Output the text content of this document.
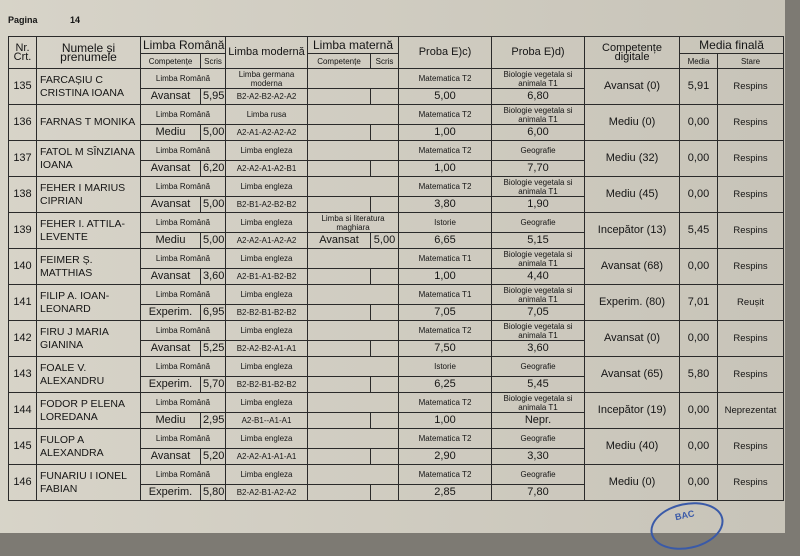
Pagina	14
Nr. Crt.	Numele și prenumele	Limba Română		Limba modernă	Limba maternă		Proba E)c)	Proba E)d)	Competențe digitale	Media finală	
		Competențe	Scris		Competențe	Scris				Media	Stare
135	FARCAȘIU C CRISTINA IOANA	Limba Română		Limba germana moderna			Matematica T2	Biologie vegetala si animala T1	Avansat (0)	5,91	Respins
		Avansat	5,95	B2-A2-B2-A2-A2			5,00	6,80			
136	FARNAS T MONIKA	Limba Română		Limba rusa			Matematica T2	Biologie vegetala si animala T1	Mediu (0)	0,00	Respins
		Mediu	5,00	A2-A1-A2-A2-A2			1,00	6,00			
137	FATOL M SÎNZIANA IOANA	Limba Română		Limba engleza			Matematica T2	Geografie	Mediu (32)	0,00	Respins
		Avansat	6,20	A2-A2-A1-A2-B1			1,00	7,70			
138	FEHER I MARIUS CIPRIAN	Limba Română		Limba engleza			Matematica T2	Biologie vegetala si animala T1	Mediu (45)	0,00	Respins
		Avansat	5,00	B2-B1-A2-B2-B2			3,80	1,90			
139	FEHER I. ATTILA-LEVENTE	Limba Română		Limba engleza	Limba si literatura maghiara		Istorie	Geografie	Incepător (13)	5,45	Respins
		Mediu	5,00	A2-A2-A1-A2-A2	Avansat	5,00	6,65	5,15			
140	FEIMER Ș. MATTHIAS	Limba Română		Limba engleza			Matematica T1	Biologie vegetala si animala T1	Avansat (68)	0,00	Respins
		Avansat	3,60	A2-B1-A1-B2-B2			1,00	4,40			
141	FILIP A. IOAN-LEONARD	Limba Română		Limba engleza			Matematica T1	Biologie vegetala si animala T1	Experim. (80)	7,01	Reușit
		Experim.	6,95	B2-B2-B1-B2-B2			7,05	7,05			
142	FIRU J MARIA GIANINA	Limba Română		Limba engleza			Matematica T2	Biologie vegetala si animala T1	Avansat (0)	0,00	Respins
		Avansat	5,25	B2-A2-B2-A1-A1			7,50	3,60			
143	FOALE V. ALEXANDRU	Limba Română		Limba engleza			Istorie	Geografie	Avansat (65)	5,80	Respins
		Experim.	5,70	B2-B2-B1-B2-B2			6,25	5,45			
144	FODOR P ELENA LOREDANA	Limba Română		Limba engleza			Matematica T2	Biologie vegetala si animala T1	Incepător (19)	0,00	Neprezentat
		Mediu	2,95	A2-B1--A1-A1			1,00	Nepr.			
145	FULOP A ALEXANDRA	Limba Română		Limba engleza			Matematica T2	Geografie	Mediu (40)	0,00	Respins
		Avansat	5,20	A2-A2-A1-A1-A1			2,90	3,30			
146	FUNARIU I IONEL FABIAN	Limba Română		Limba engleza			Matematica T2	Geografie	Mediu (0)	0,00	Respins
		Experim.	5,80	B2-A2-B1-A2-A2			2,85	7,80			
BAC
